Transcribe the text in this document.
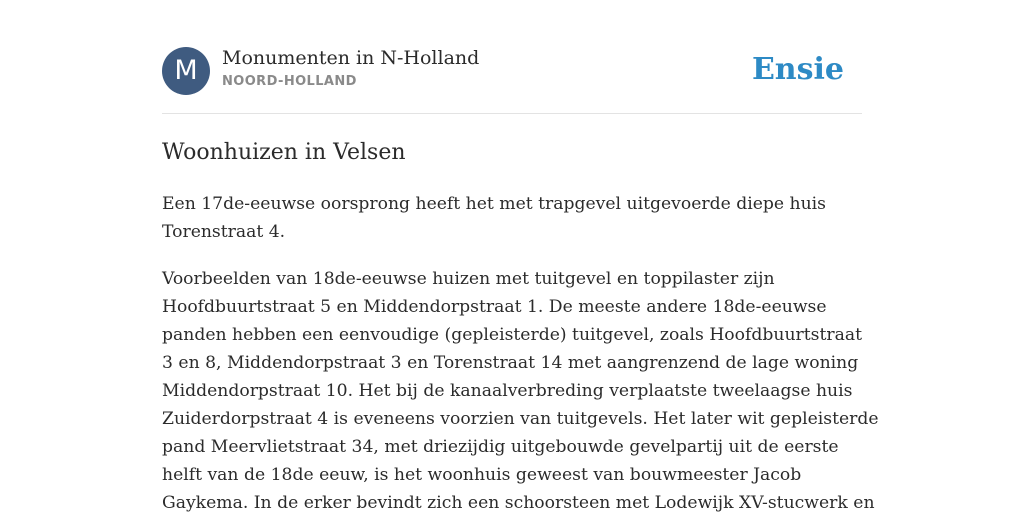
M	Monumenten in N-Holland
NOORD-HOLLAND	Ensie
Woonhuizen in Velsen

Een 17de-eeuwse oorsprong heeft het met trapgevel uitgevoerde diepe huis
Torenstraat 4.

Voorbeelden van 18de-eeuwse huizen met tuitgevel en toppilaster zijn
Hoofdbuurtstraat 5 en Middendorpstraat 1. De meeste andere 18de-eeuwse
panden hebben een eenvoudige (gepleisterde) tuitgevel, zoals Hoofdbuurtstraat
3 en 8, Middendorpstraat 3 en Torenstraat 14 met aangrenzend de lage woning
Middendorpstraat 10. Het bij de kanaalverbreding verplaatste tweelaagse huis
Zuiderdorpstraat 4 is eveneens voorzien van tuitgevels. Het later wit gepleisterde
pand Meervlietstraat 34, met driezijdig uitgebouwde gevelpartij uit de eerste
helft van de 18de eeuw, is het woonhuis geweest van bouwmeester Jacob
Gaykema. In de erker bevindt zich een schoorsteen met Lodewijk XV-stucwerk en
